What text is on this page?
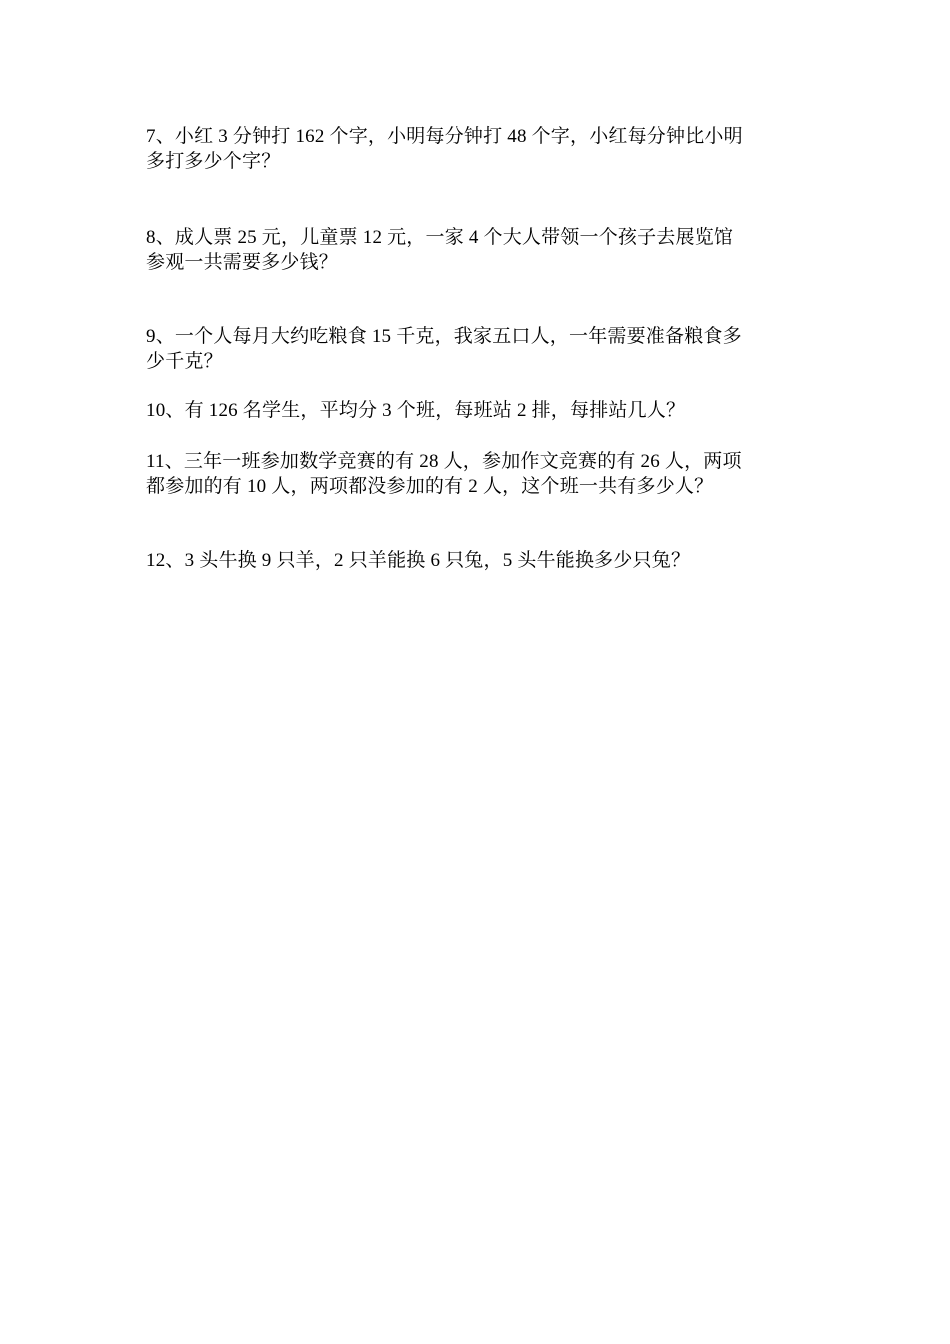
7、小红 3 分钟打 162 个字，小明每分钟打 48 个字，小红每分钟比小明
多打多少个字？

8、成人票 25 元，儿童票 12 元，一家 4 个大人带领一个孩子去展览馆
参观一共需要多少钱？

9、一个人每月大约吃粮食 15 千克，我家五口人，一年需要准备粮食多
少千克？

10、有 126 名学生，平均分 3 个班，每班站 2 排，每排站几人？

11、三年一班参加数学竞赛的有 28 人，参加作文竞赛的有 26 人，两项
都参加的有 10 人，两项都没参加的有 2 人，这个班一共有多少人？

12、3 头牛换 9 只羊，2 只羊能换 6 只兔，5 头牛能换多少只兔？
